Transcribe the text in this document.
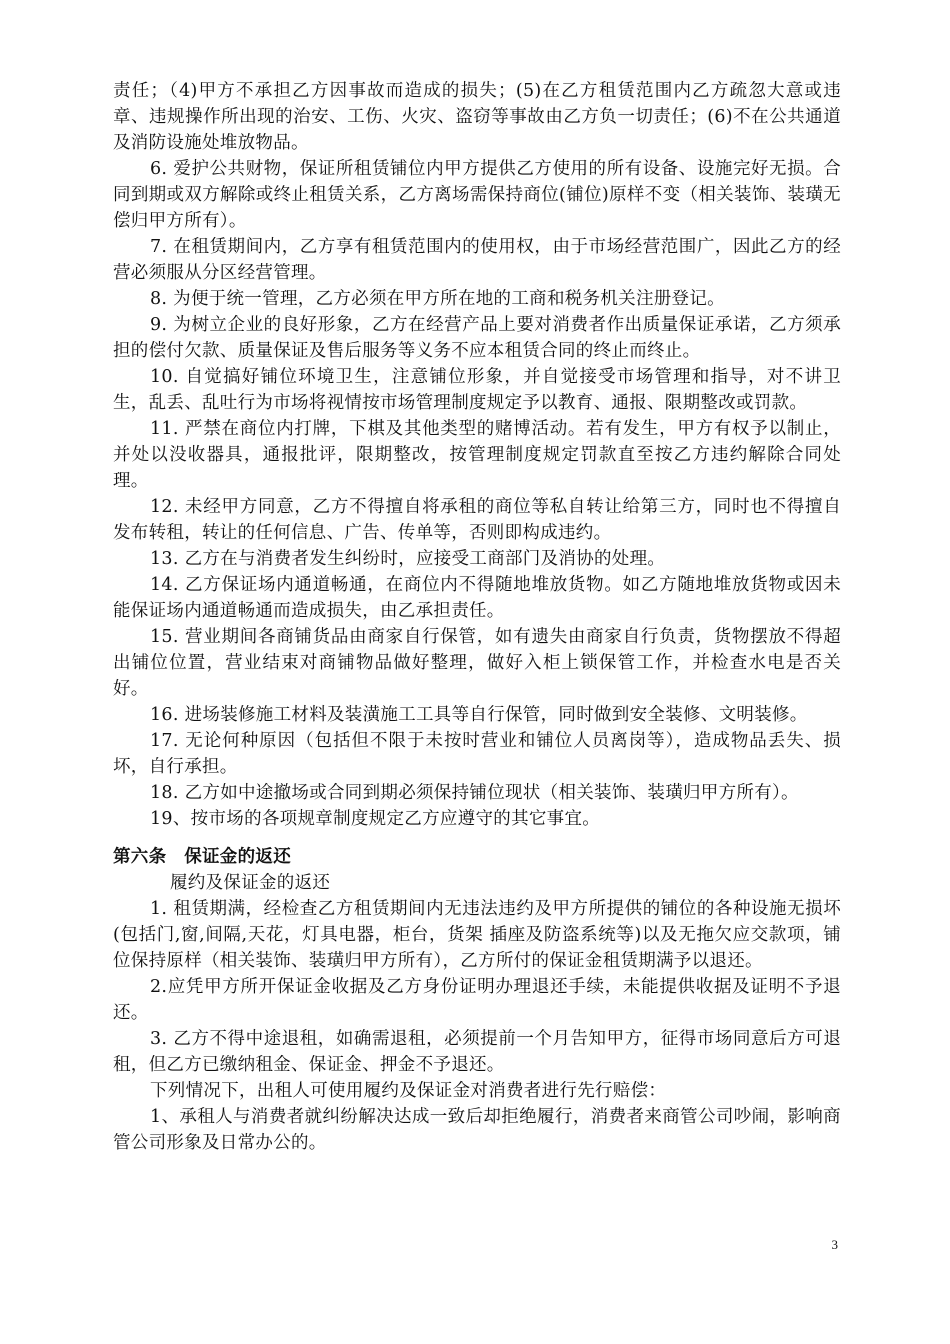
责任；（4)甲方不承担乙方因事故而造成的损失；(5)在乙方租赁范围内乙方疏忽大意或违章、违规操作所出现的治安、工伤、火灾、盗窃等事故由乙方负一切责任；(6)不在公共通道及消防设施处堆放物品。

6. 爱护公共财物，保证所租赁铺位内甲方提供乙方使用的所有设备、设施完好无损。合同到期或双方解除或终止租赁关系，乙方离场需保持商位(铺位)原样不变（相关装饰、装璜无偿归甲方所有）。

7. 在租赁期间内，乙方享有租赁范围内的使用权，由于市场经营范围广，因此乙方的经营必须服从分区经营管理。

8. 为便于统一管理，乙方必须在甲方所在地的工商和税务机关注册登记。

9. 为树立企业的良好形象，乙方在经营产品上要对消费者作出质量保证承诺，乙方须承担的偿付欠款、质量保证及售后服务等义务不应本租赁合同的终止而终止。

10. 自觉搞好铺位环境卫生，注意铺位形象，并自觉接受市场管理和指导，对不讲卫生，乱丢、乱吐行为市场将视情按市场管理制度规定予以教育、通报、限期整改或罚款。

11. 严禁在商位内打牌，下棋及其他类型的赌博活动。若有发生，甲方有权予以制止，并处以没收器具，通报批评，限期整改，按管理制度规定罚款直至按乙方违约解除合同处理。

12. 未经甲方同意，乙方不得擅自将承租的商位等私自转让给第三方，同时也不得擅自发布转租，转让的任何信息、广告、传单等，否则即构成违约。

13. 乙方在与消费者发生纠纷时，应接受工商部门及消协的处理。

14. 乙方保证场内通道畅通，在商位内不得随地堆放货物。如乙方随地堆放货物或因未能保证场内通道畅通而造成损失，由乙承担责任。

15. 营业期间各商铺货品由商家自行保管，如有遗失由商家自行负责，货物摆放不得超出铺位位置，营业结束对商铺物品做好整理，做好入柜上锁保管工作，并检查水电是否关好。

16. 进场装修施工材料及装潢施工工具等自行保管，同时做到安全装修、文明装修。

17. 无论何种原因（包括但不限于未按时营业和铺位人员离岗等），造成物品丢失、损坏，自行承担。

18. 乙方如中途撤场或合同到期必须保持铺位现状（相关装饰、装璜归甲方所有）。

19、按市场的各项规章制度规定乙方应遵守的其它事宜。

第六条　保证金的返还

履约及保证金的返还

1. 租赁期满，经检查乙方租赁期间内无违法违约及甲方所提供的铺位的各种设施无损坏(包括门,窗,间隔,天花，灯具电器，柜台，货架 插座及防盗系统等)以及无拖欠应交款项，铺位保持原样（相关装饰、装璜归甲方所有），乙方所付的保证金租赁期满予以退还。

2.应凭甲方所开保证金收据及乙方身份证明办理退还手续，未能提供收据及证明不予退还。

3. 乙方不得中途退租，如确需退租，必须提前一个月告知甲方，征得市场同意后方可退租，但乙方已缴纳租金、保证金、押金不予退还。

下列情况下，出租人可使用履约及保证金对消费者进行先行赔偿：

1、承租人与消费者就纠纷解决达成一致后却拒绝履行，消费者来商管公司吵闹，影响商管公司形象及日常办公的。

3
